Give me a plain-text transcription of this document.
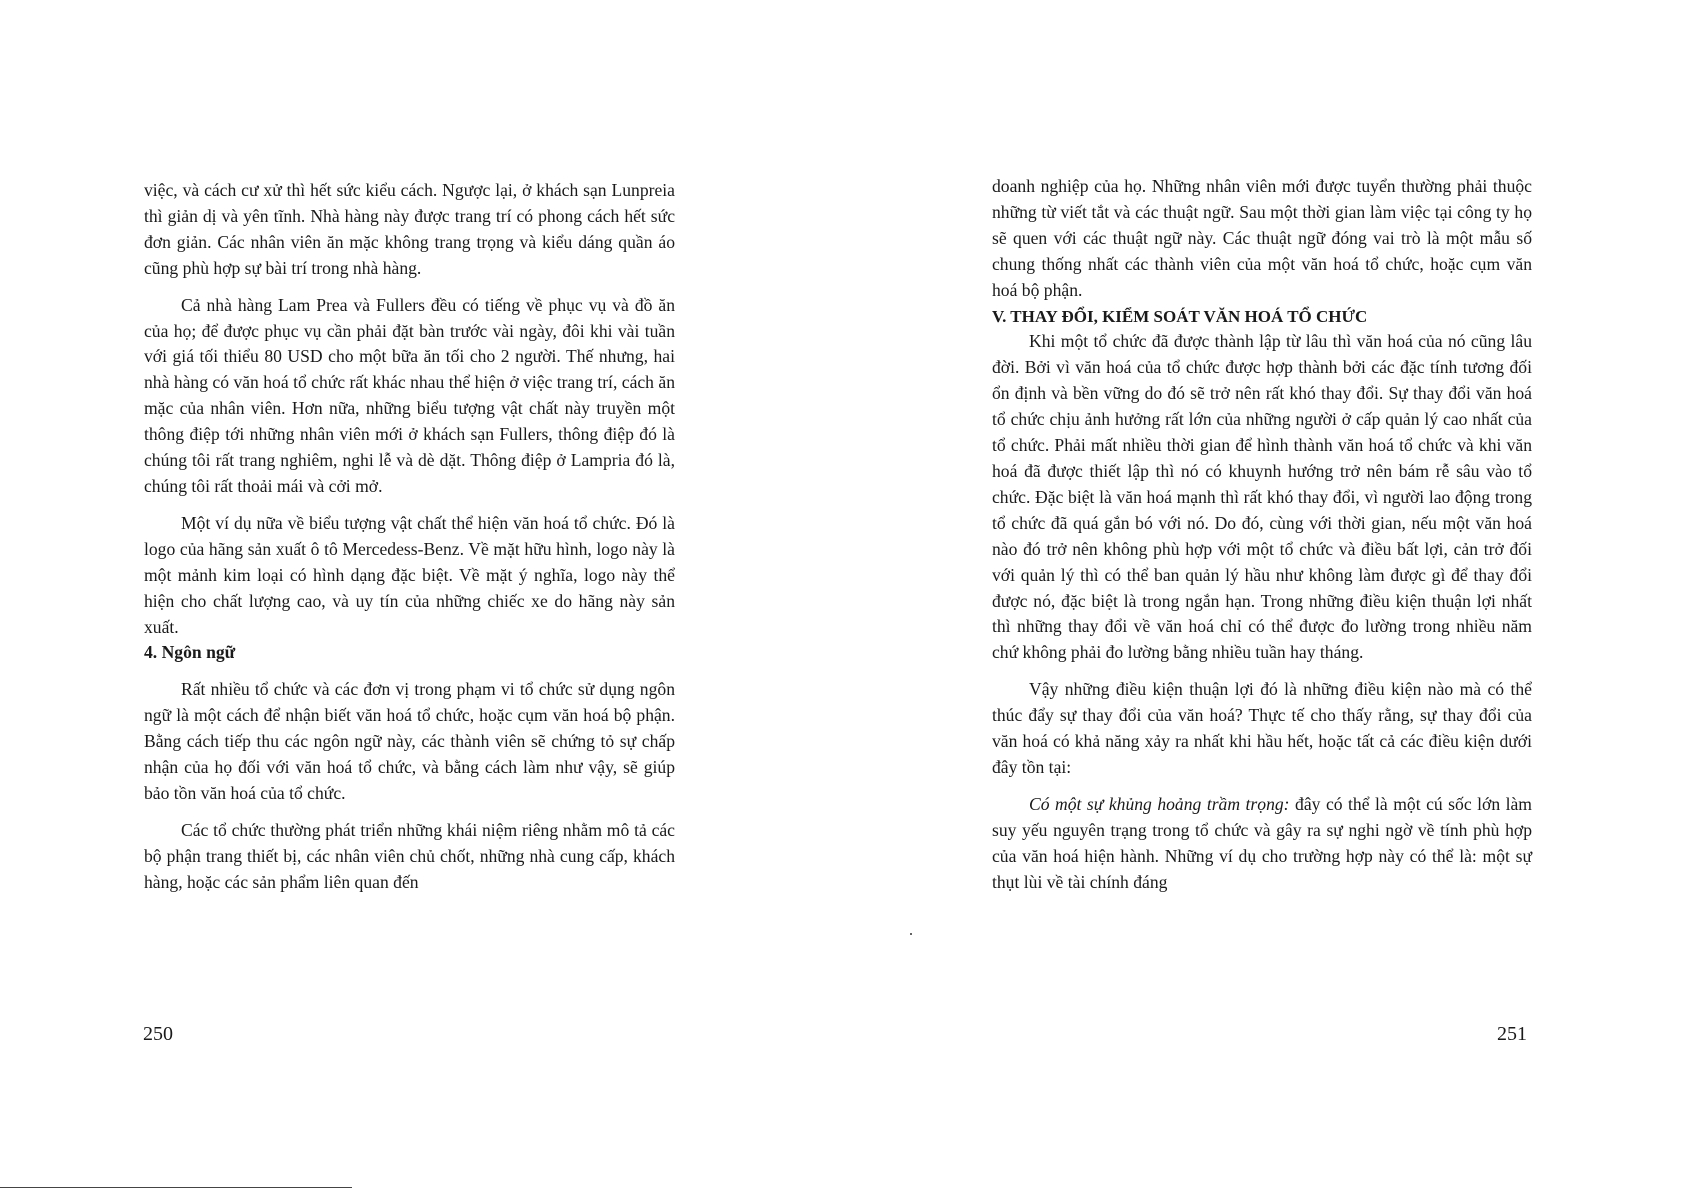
việc, và cách cư xử thì hết sức kiểu cách. Ngược lại, ở khách sạn Lunpreia thì giản dị và yên tĩnh. Nhà hàng này được trang trí có phong cách hết sức đơn giản. Các nhân viên ăn mặc không trang trọng và kiểu dáng quần áo cũng phù hợp sự bài trí trong nhà hàng.

Cả nhà hàng Lam Prea và Fullers đều có tiếng về phục vụ và đồ ăn của họ; để được phục vụ cần phải đặt bàn trước vài ngày, đôi khi vài tuần với giá tối thiểu 80 USD cho một bữa ăn tối cho 2 người. Thế nhưng, hai nhà hàng có văn hoá tổ chức rất khác nhau thể hiện ở việc trang trí, cách ăn mặc của nhân viên. Hơn nữa, những biểu tượng vật chất này truyền một thông điệp tới những nhân viên mới ở khách sạn Fullers, thông điệp đó là chúng tôi rất trang nghiêm, nghi lễ và dè dặt. Thông điệp ở Lampria đó là, chúng tôi rất thoải mái và cởi mở.

Một ví dụ nữa về biểu tượng vật chất thể hiện văn hoá tổ chức. Đó là logo của hãng sản xuất ô tô Mercedess-Benz. Về mặt hữu hình, logo này là một mảnh kim loại có hình dạng đặc biệt. Về mặt ý nghĩa, logo này thể hiện cho chất lượng cao, và uy tín của những chiếc xe do hãng này sản xuất.

4. Ngôn ngữ

Rất nhiều tổ chức và các đơn vị trong phạm vi tổ chức sử dụng ngôn ngữ là một cách để nhận biết văn hoá tổ chức, hoặc cụm văn hoá bộ phận. Bằng cách tiếp thu các ngôn ngữ này, các thành viên sẽ chứng tỏ sự chấp nhận của họ đối với văn hoá tổ chức, và bằng cách làm như vậy, sẽ giúp bảo tồn văn hoá của tổ chức.

Các tổ chức thường phát triển những khái niệm riêng nhằm mô tả các bộ phận trang thiết bị, các nhân viên chủ chốt, những nhà cung cấp, khách hàng, hoặc các sản phẩm liên quan đến

250

doanh nghiệp của họ. Những nhân viên mới được tuyển thường phải thuộc những từ viết tắt và các thuật ngữ. Sau một thời gian làm việc tại công ty họ sẽ quen với các thuật ngữ này. Các thuật ngữ đóng vai trò là một mẫu số chung thống nhất các thành viên của một văn hoá tổ chức, hoặc cụm văn hoá bộ phận.

V. THAY ĐỔI, KIỂM SOÁT VĂN HOÁ TỔ CHỨC

Khi một tổ chức đã được thành lập từ lâu thì văn hoá của nó cũng lâu đời. Bởi vì văn hoá của tổ chức được hợp thành bởi các đặc tính tương đối ổn định và bền vững do đó sẽ trở nên rất khó thay đổi. Sự thay đổi văn hoá tổ chức chịu ảnh hưởng rất lớn của những người ở cấp quản lý cao nhất của tổ chức. Phải mất nhiều thời gian để hình thành văn hoá tổ chức và khi văn hoá đã được thiết lập thì nó có khuynh hướng trở nên bám rễ sâu vào tổ chức. Đặc biệt là văn hoá mạnh thì rất khó thay đổi, vì người lao động trong tổ chức đã quá gắn bó với nó. Do đó, cùng với thời gian, nếu một văn hoá nào đó trở nên không phù hợp với một tổ chức và điều bất lợi, cản trở đối với quản lý thì có thể ban quản lý hầu như không làm được gì để thay đổi được nó, đặc biệt là trong ngắn hạn. Trong những điều kiện thuận lợi nhất thì những thay đổi về văn hoá chỉ có thể được đo lường trong nhiều năm chứ không phải đo lường bằng nhiều tuần hay tháng.

Vậy những điều kiện thuận lợi đó là những điều kiện nào mà có thể thúc đẩy sự thay đổi của văn hoá? Thực tế cho thấy rằng, sự thay đổi của văn hoá có khả năng xảy ra nhất khi hầu hết, hoặc tất cả các điều kiện dưới đây tồn tại:

Có một sự khủng hoảng trầm trọng: đây có thể là một cú sốc lớn làm suy yếu nguyên trạng trong tổ chức và gây ra sự nghi ngờ về tính phù hợp của văn hoá hiện hành. Những ví dụ cho trường hợp này có thể là: một sự thụt lùi về tài chính đáng

251
